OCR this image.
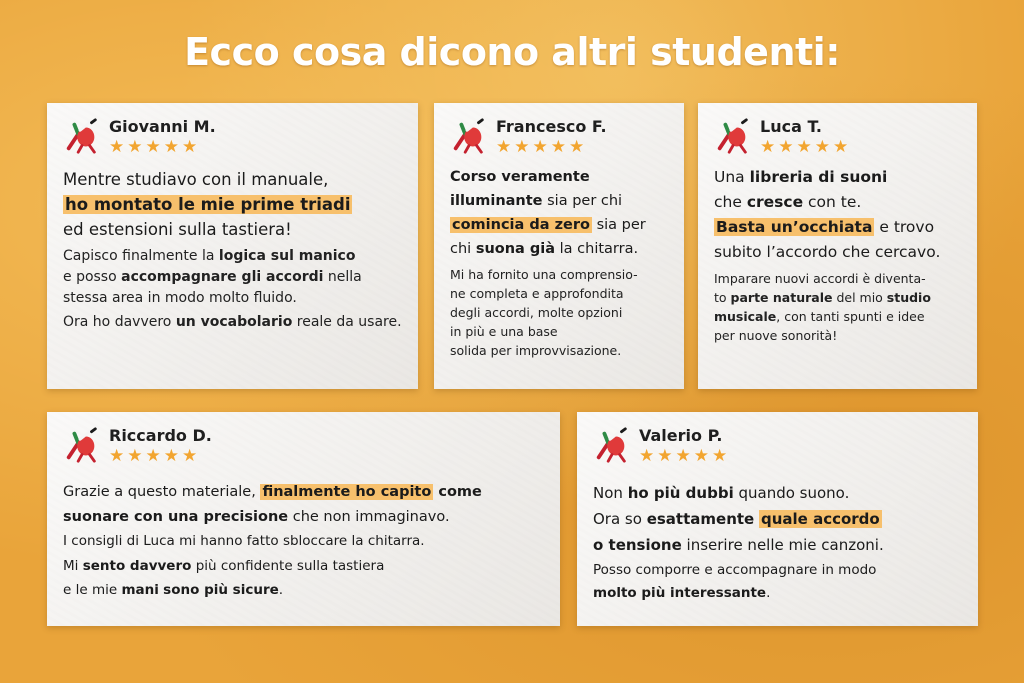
Ecco cosa dicono altri studenti:
Giovanni M.
★★★★★
Mentre studiavo con il manuale,
ho montato le mie prime triadi
ed estensioni sulla tastiera!
Capisco finalmente la logica sul manico
e posso accompagnare gli accordi nella
stessa area in modo molto fluido.
Ora ho davvero un vocabolario reale da usare.
Francesco F.
★★★★★
Corso veramente
illuminante sia per chi
comincia da zero sia per
chi suona già la chitarra.
Mi ha fornito una comprensio-
ne completa e approfondita
degli accordi, molte opzioni
in più e una base
solida per improvvisazione.
Luca T.
★★★★★
Una libreria di suoni
che cresce con te.
Basta un’occhiata e trovo
subito l’accordo che cercavo.
Imparare nuovi accordi è diventa-
to parte naturale del mio studio
musicale, con tanti spunti e idee
per nuove sonorità!
Riccardo D.
★★★★★
Grazie a questo materiale, finalmente ho capito come
suonare con una precisione che non immaginavo.
I consigli di Luca mi hanno fatto sbloccare la chitarra.
Mi sento davvero più confidente sulla tastiera
e le mie mani sono più sicure.
Valerio P.
★★★★★
Non ho più dubbi quando suono.
Ora so esattamente quale accordo
o tensione inserire nelle mie canzoni.
Posso comporre e accompagnare in modo
molto più interessante.
